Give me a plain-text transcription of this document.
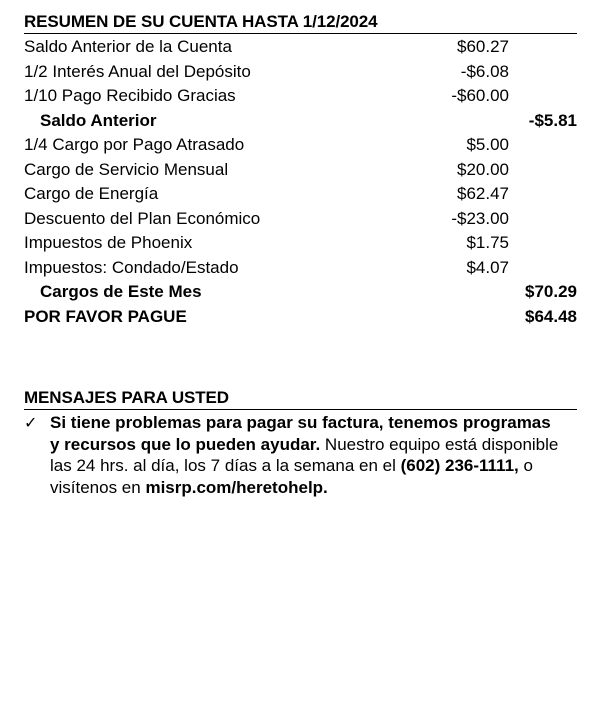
RESUMEN DE SU CUENTA HASTA 1/12/2024
Saldo Anterior de la Cuenta	$60.27
1/2 Interés Anual del Depósito	-$6.08
1/10 Pago Recibido Gracias	-$60.00
Saldo Anterior	-$5.81
1/4 Cargo por Pago Atrasado	$5.00
Cargo de Servicio Mensual	$20.00
Cargo de Energía	$62.47
Descuento del Plan Económico	-$23.00
Impuestos de Phoenix	$1.75
Impuestos: Condado/Estado	$4.07
Cargos de Este Mes	$70.29
POR FAVOR PAGUE	$64.48
MENSAJES PARA USTED
✓ Si tiene problemas para pagar su factura, tenemos programas y recursos que lo pueden ayudar. Nuestro equipo está disponible las 24 hrs. al día, los 7 días a la semana en el (602) 236-1111, o visítenos en misrp.com/heretohelp.
